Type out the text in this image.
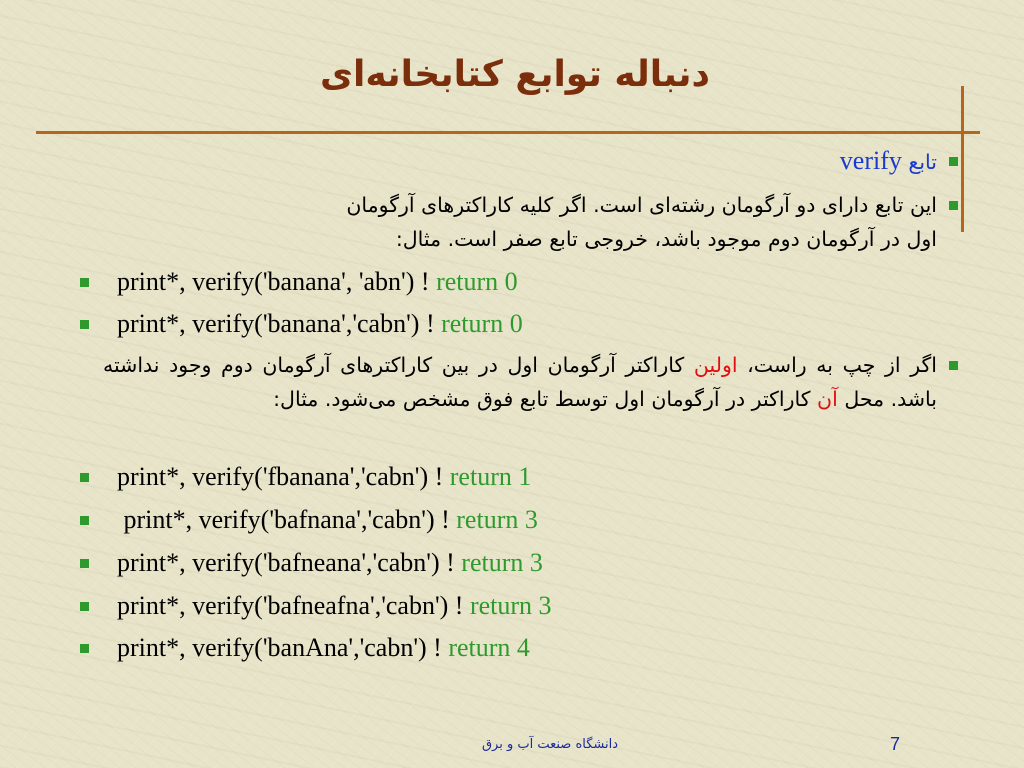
دنباله توابع کتابخانه‌ای
تابع verify
این تابع دارای دو آرگومان رشته‌ای است. اگر کلیه کاراکترهای آرگومان
اول در آرگومان دوم موجود باشد، خروجی تابع صفر است. مثال:
print*, verify('banana', 'abn') ! return 0
print*, verify('banana','cabn') ! return 0
اگر از چپ به راست، اولین کاراکتر آرگومان اول در بین کاراکترهای آرگومان دوم وجود نداشته باشد. محل آن کاراکتر در آرگومان اول توسط تابع فوق مشخص می‌شود. مثال:
print*, verify('fbanana','cabn') ! return 1
print*, verify('bafnana','cabn') ! return 3
print*, verify('bafneana','cabn') ! return 3
print*, verify('bafneafna','cabn') ! return 3
print*, verify('banAna','cabn') ! return 4
دانشگاه صنعت آب و برق	7
